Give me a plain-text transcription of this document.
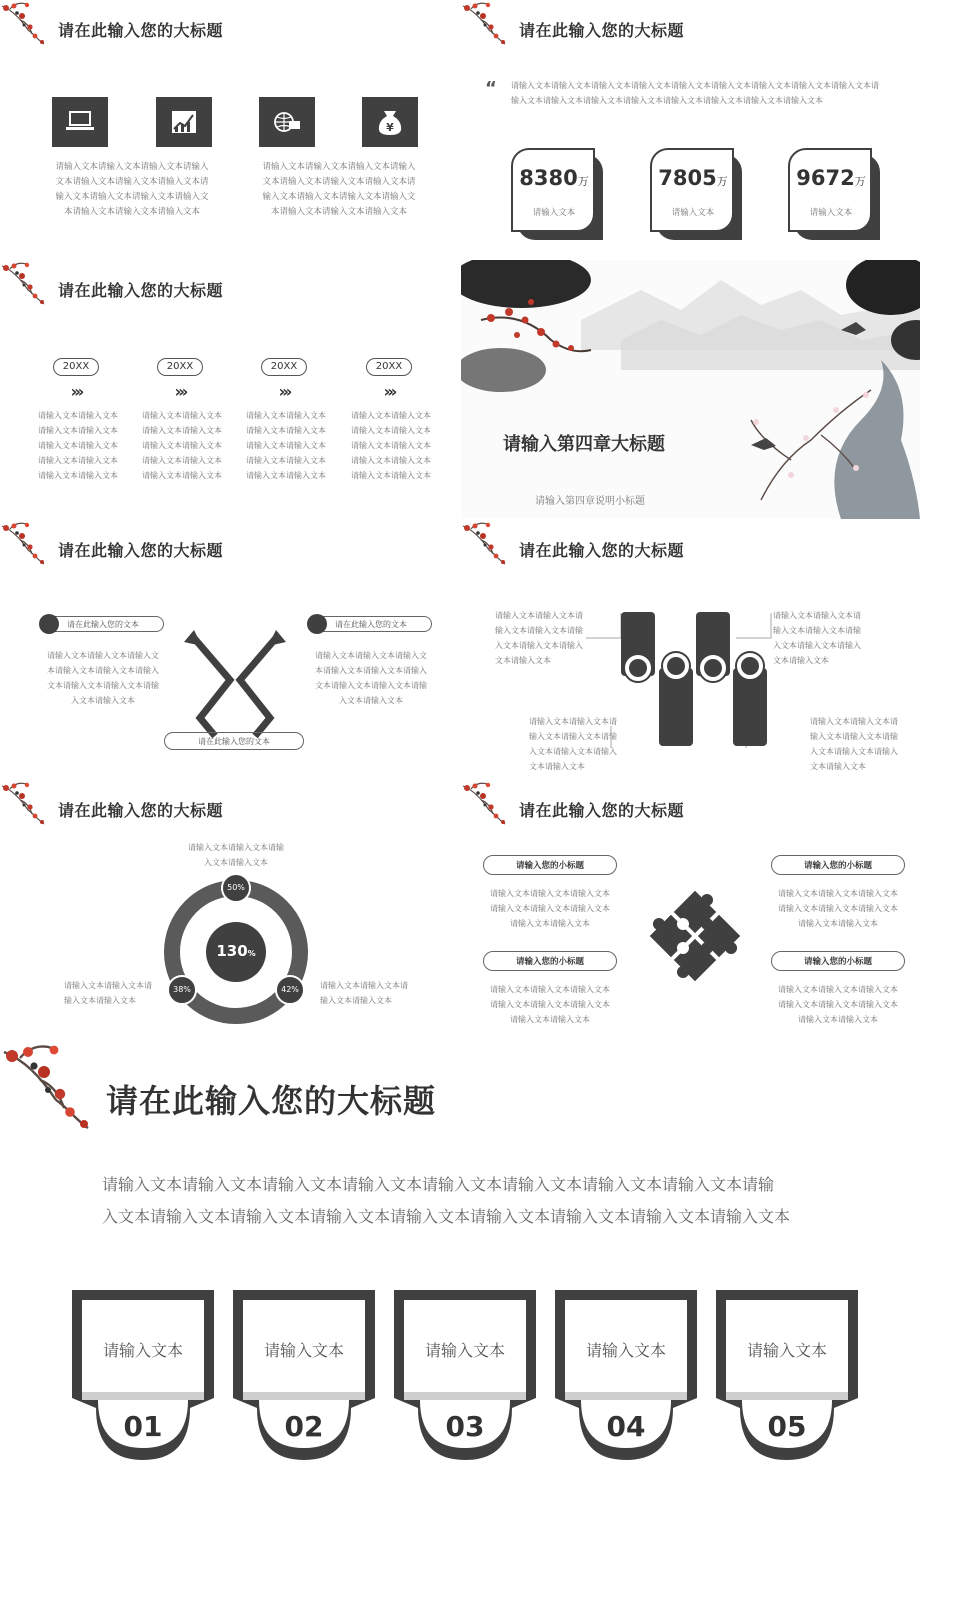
请在此输入您的大标题
¥
请输入文本请输入文本请输入文本请输入文本请输入文本请输入文本请输入文本请输入文本请输入文本请输入文本请输入文本请输入文本请输入文本请输入文本
请输入文本请输入文本请输入文本请输入文本请输入文本请输入文本请输入文本请输入文本请输入文本请输入文本请输入文本请输入文本请输入文本请输入文本
请在此输入您的大标题
“ 请输入文本请输入文本请输入文本请输入文本请输入文本请输入文本请输入文本请输入文本请输入文本请输入文本请输入文本请输入文本请输入文本请输入文本请输入文本请输入文本请输入文本
8380万
请输入文本
7805万
请输入文本
9672万
请输入文本
请在此输入您的大标题
20XX
›››
请输入文本请输入文本请输入文本请输入文本请输入文本请输入文本请输入文本请输入文本请输入文本请输入文本
20XX
›››
请输入文本请输入文本请输入文本请输入文本请输入文本请输入文本请输入文本请输入文本请输入文本请输入文本
20XX
›››
请输入文本请输入文本请输入文本请输入文本请输入文本请输入文本请输入文本请输入文本请输入文本请输入文本
20XX
›››
请输入文本请输入文本请输入文本请输入文本请输入文本请输入文本请输入文本请输入文本请输入文本请输入文本
请输入第四章大标题
请输入第四章说明小标题
请在此输入您的大标题
请在此输入您的文本	请在此输入您的文本
请输入文本请输入文本请输入文本请输入文本请输入文本请输入文本请输入文本请输入文本请输入文本请输入文本
请输入文本请输入文本请输入文本请输入文本请输入文本请输入文本请输入文本请输入文本请输入文本请输入文本
请在此输入您的文本
请在此输入您的大标题
请输入文本请输入文本请输入文本请输入文本请输入文本请输入文本请输入文本请输入文本
请输入文本请输入文本请输入文本请输入文本请输入文本请输入文本请输入文本请输入文本
请输入文本请输入文本请输入文本请输入文本请输入文本请输入文本请输入文本请输入文本
请输入文本请输入文本请输入文本请输入文本请输入文本请输入文本请输入文本请输入文本
请在此输入您的大标题
请输入文本请输入文本请输入文本请输入文本
请输入文本请输入文本请输入文本请输入文本
请输入文本请输入文本请输入文本请输入文本
130%
50%
38%	42%
请在此输入您的大标题
请输入您的小标题	请输入您的小标题
请输入您的小标题	请输入您的小标题
请输入文本请输入文本请输入文本请输入文本请输入文本请输入文本请输入文本请输入文本
请输入文本请输入文本请输入文本请输入文本请输入文本请输入文本请输入文本请输入文本
请输入文本请输入文本请输入文本请输入文本请输入文本请输入文本请输入文本请输入文本
请输入文本请输入文本请输入文本请输入文本请输入文本请输入文本请输入文本请输入文本
请在此输入您的大标题
请输入文本请输入文本请输入文本请输入文本请输入文本请输入文本请输入文本请输入文本请输
入文本请输入文本请输入文本请输入文本请输入文本请输入文本请输入文本请输入文本请输入文本
请输入文本
01
请输入文本
02
请输入文本
03
请输入文本
04
请输入文本
05
